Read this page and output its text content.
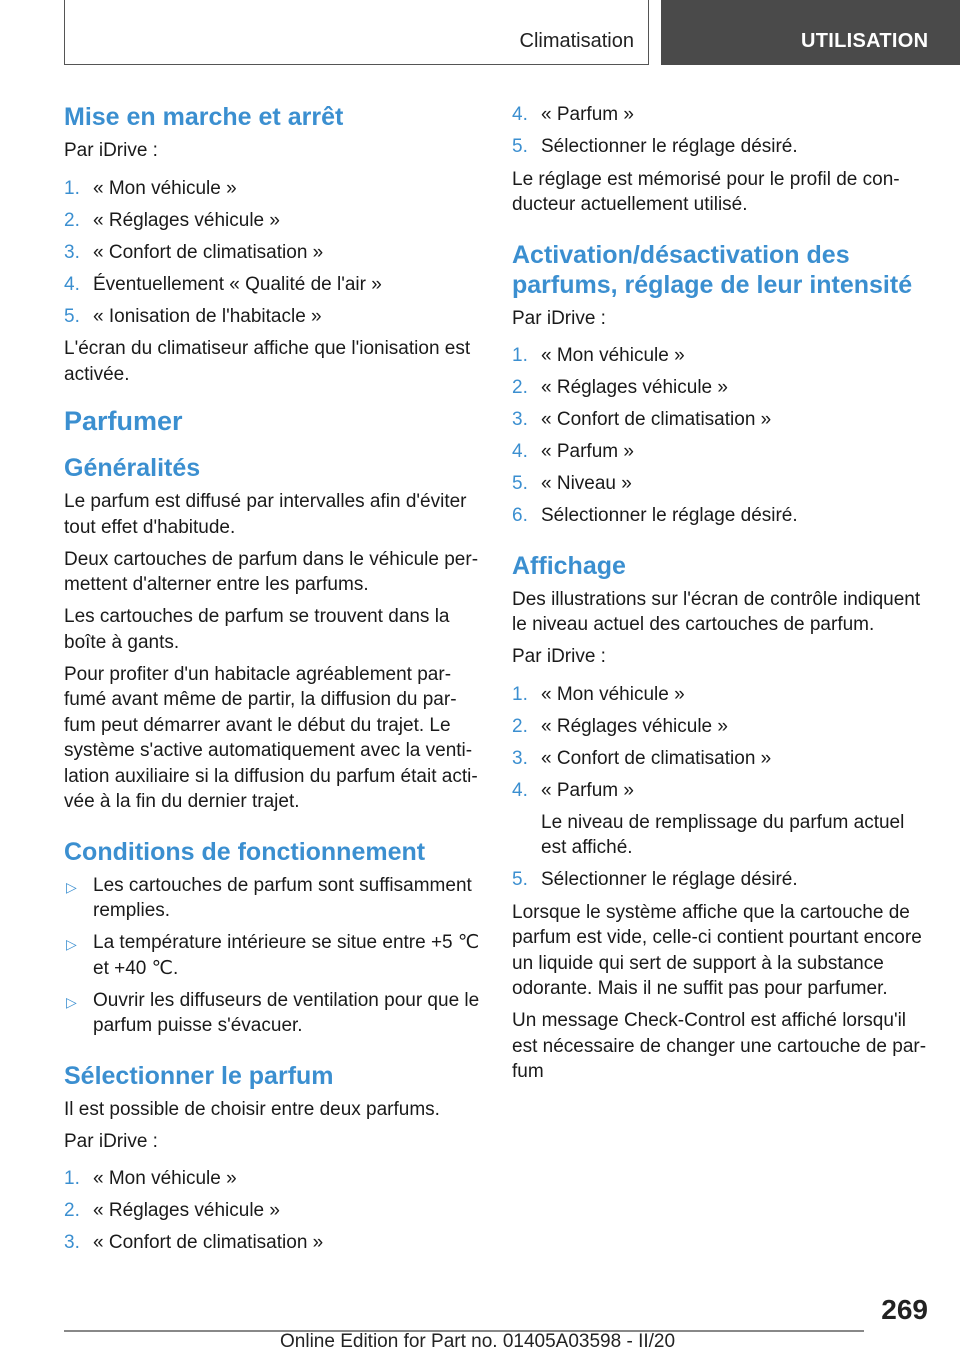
Climatisation	UTILISATION
Mise en marche et arrêt

Par iDrive :

1. « Mon véhicule »
2. « Réglages véhicule »
3. « Confort de climatisation »
4. Éventuellement « Qualité de l'air »
5. « Ionisation de l'habitacle »

L'écran du climatiseur affiche que l'ionisation est activée.

Parfumer
Généralités

Le parfum est diffusé par intervalles afin d'éviter tout effet d'habitude.

Deux cartouches de parfum dans le véhicule permettent d'alterner entre les parfums.

Les cartouches de parfum se trouvent dans la boîte à gants.

Pour profiter d'un habitacle agréablement parfumé avant même de partir, la diffusion du parfum peut démarrer avant le début du trajet. Le système s'active automatiquement avec la ventilation auxiliaire si la diffusion du parfum était activée à la fin du dernier trajet.

Conditions de fonctionnement
▷ Les cartouches de parfum sont suffisamment remplies.
▷ La température intérieure se situe entre +5 ℃ et +40 ℃.
▷ Ouvrir les diffuseurs de ventilation pour que le parfum puisse s'évacuer.
Sélectionner le parfum

Il est possible de choisir entre deux parfums.

Par iDrive :

1. « Mon véhicule »
2. « Réglages véhicule »
3. « Confort de climatisation »
4. « Parfum »
5. Sélectionner le réglage désiré.

Le réglage est mémorisé pour le profil de conducteur actuellement utilisé.

Activation/désactivation des parfums, réglage de leur intensité

Par iDrive :

1. « Mon véhicule »
2. « Réglages véhicule »
3. « Confort de climatisation »
4. « Parfum »
5. « Niveau »
6. Sélectionner le réglage désiré.
Affichage

Des illustrations sur l'écran de contrôle indiquent le niveau actuel des cartouches de parfum.

Par iDrive :

1. « Mon véhicule »
2. « Réglages véhicule »
3. « Confort de climatisation »
4. « Parfum »
Le niveau de remplissage du parfum actuel est affiché.
5. Sélectionner le réglage désiré.

Lorsque le système affiche que la cartouche de parfum est vide, celle-ci contient pourtant encore un liquide qui sert de support à la substance odorante. Mais il ne suffit pas pour parfumer.

Un message Check-Control est affiché lorsqu'il est nécessaire de changer une cartouche de parfum

269
Online Edition for Part no. 01405A03598 - II/20
